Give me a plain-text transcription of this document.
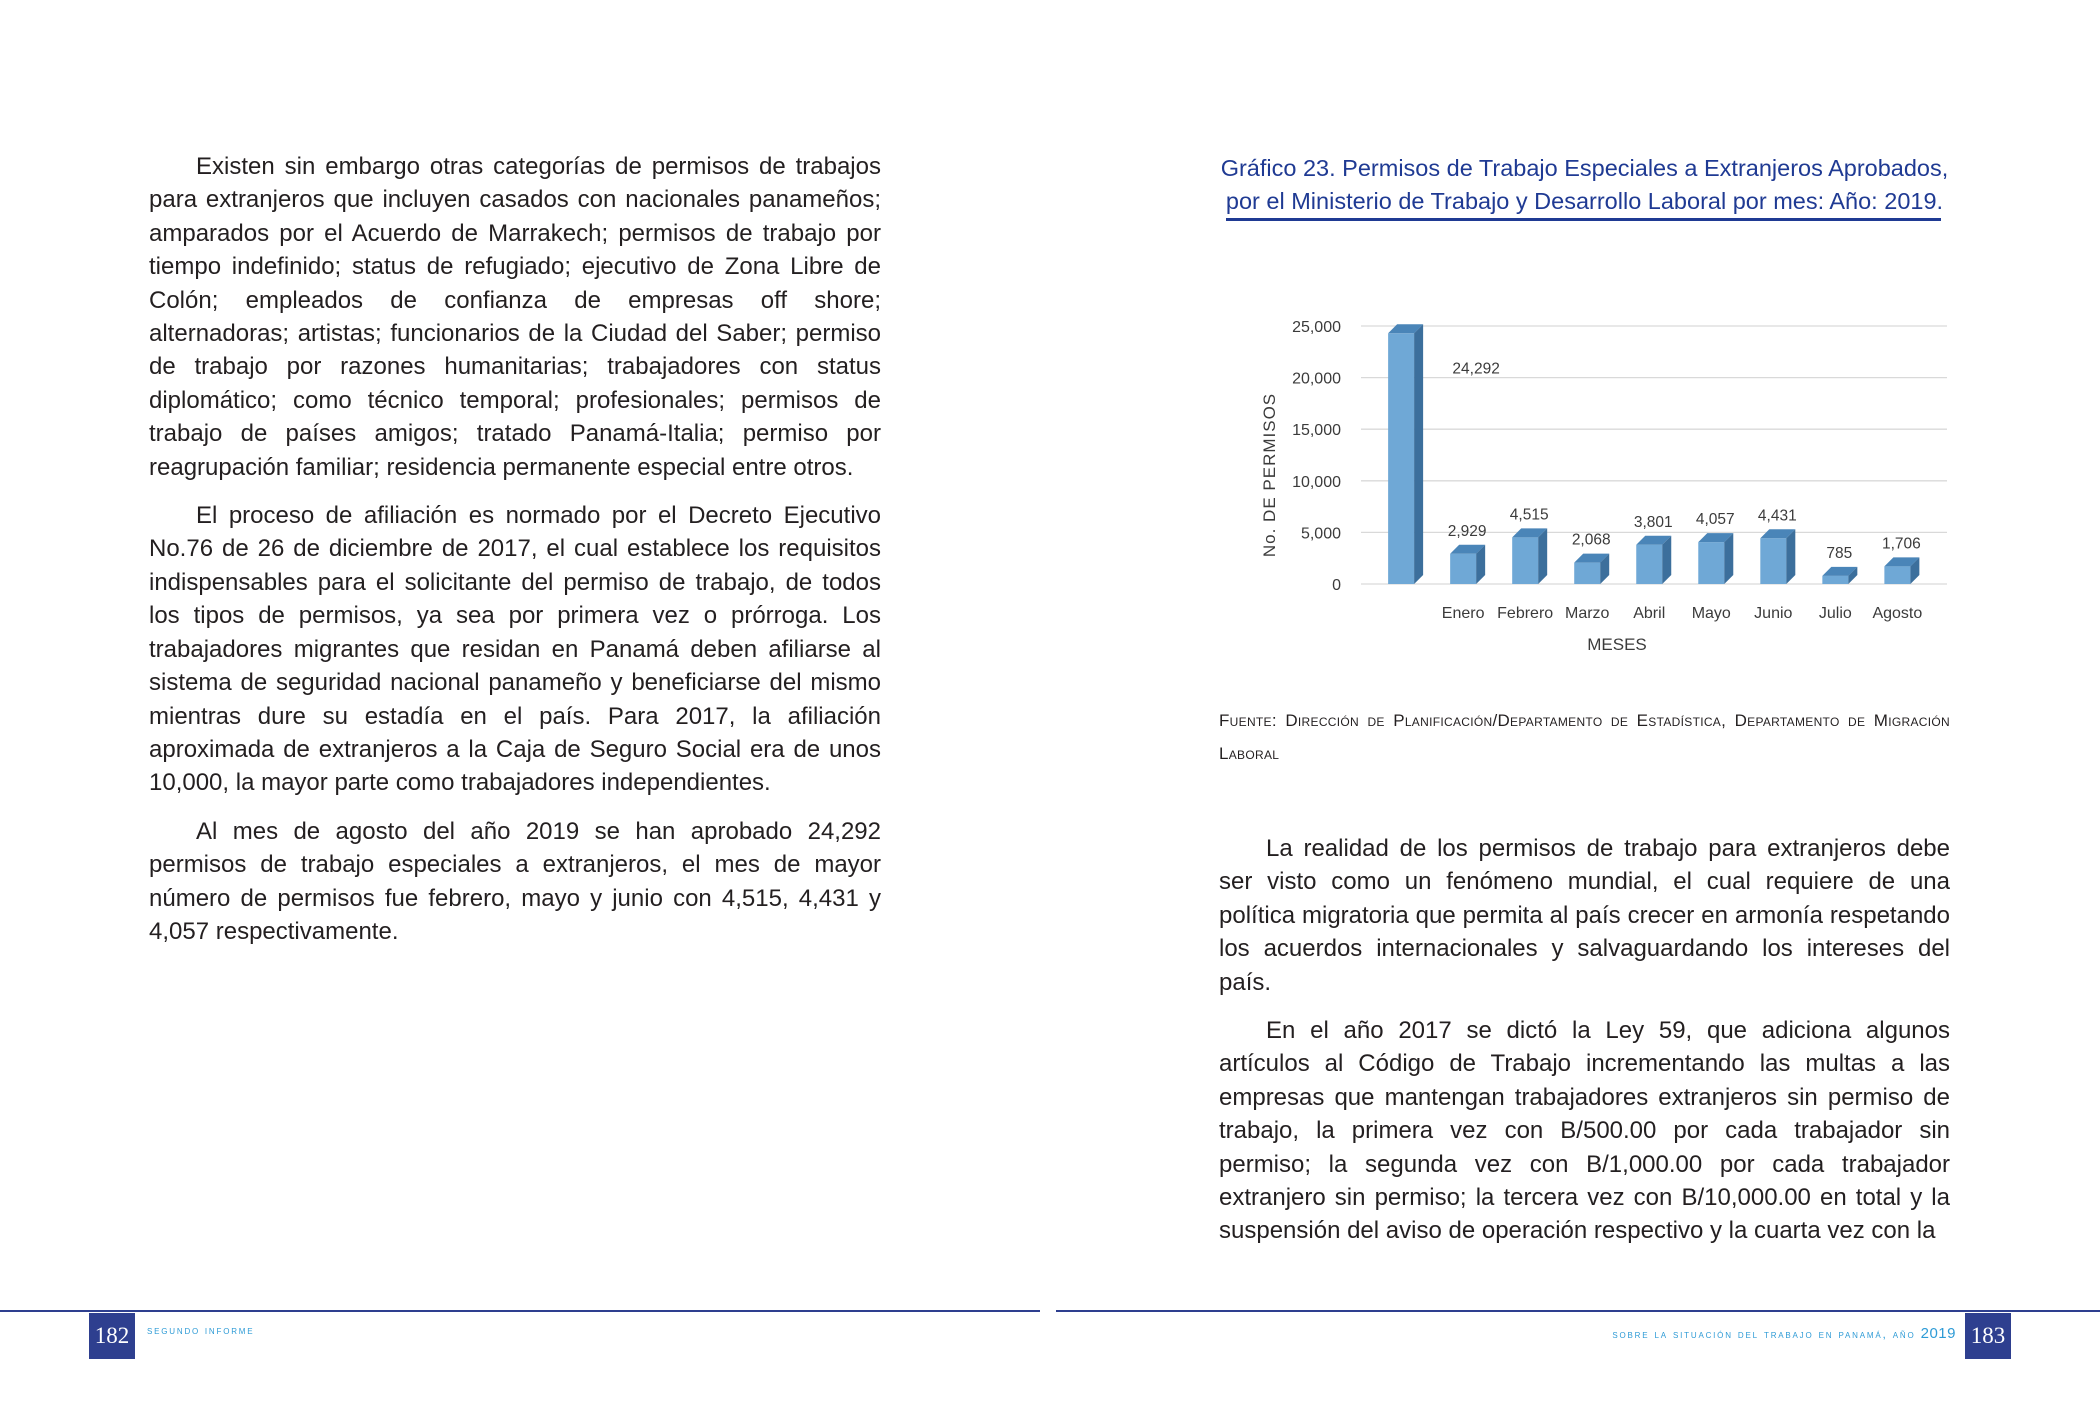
Existen sin embargo otras categorías de permisos de trabajos para extranjeros que incluyen casados con nacionales panameños; amparados por el Acuerdo de Marrakech; permisos de trabajo por tiempo indefinido; status de refugiado; ejecutivo de Zona Libre de Colón; empleados de confianza de empresas off shore; alternadoras; artistas; funcionarios de la Ciudad del Saber; permiso de trabajo por razones humanitarias; trabajadores con status diplomático; como técnico temporal; profesionales; permisos de trabajo de países amigos; tratado Panamá-Italia; permiso por reagrupación familiar; residencia permanente especial entre otros.

El proceso de afiliación es normado por el Decreto Ejecutivo No.76 de 26 de diciembre de 2017, el cual establece los requisitos indispensables para el solicitante del permiso de trabajo, de todos los tipos de permisos, ya sea por primera vez o prórroga. Los trabajadores migrantes que residan en Panamá deben afiliarse al sistema de seguridad nacional panameño y beneficiarse del mismo mientras dure su estadía en el país. Para 2017, la afiliación aproximada de extranjeros a la Caja de Seguro Social era de unos 10,000, la mayor parte como trabajadores independientes.

Al mes de agosto del año 2019 se han aprobado 24,292 permisos de trabajo especiales a extranjeros, el mes de mayor número de permisos fue febrero, mayo y junio con 4,515, 4,431 y 4,057 respectivamente.

Gráfico 23. Permisos de Trabajo Especiales a Extranjeros Aprobados,
por el Ministerio de Trabajo y Desarrollo Laboral por mes: Año: 2019.
0
5,000
10,000
15,000
20,000
25,000
24,292
2,929
4,515
2,068
3,801 4,057 4,431
785
1,706
Enero Febrero Marzo Abril Mayo Junio Julio Agosto
No. DE PERMISOS
MESES
Fuente: Dirección de Planificación/Departamento de Estadística, Departamento de Migración Laboral

La realidad de los permisos de trabajo para extranjeros debe ser visto como un fenómeno mundial, el cual requiere de una política migratoria que permita al país crecer en armonía respetando los acuerdos internacionales y salvaguardando los intereses del país.

En el año 2017 se dictó la Ley 59, que adiciona algunos artículos al Código de Trabajo incrementando las multas a las empresas que mantengan trabajadores extranjeros sin permiso de trabajo, la primera vez con B/500.00 por cada trabajador sin permiso; la segunda vez con B/1,000.00 por cada trabajador extranjero sin permiso; la tercera vez con B/10,000.00 en total y la suspensión del aviso de operación respectivo y la cuarta vez con la

182	segundo informe	sobre la situación del trabajo en panamá, año 2019 183
